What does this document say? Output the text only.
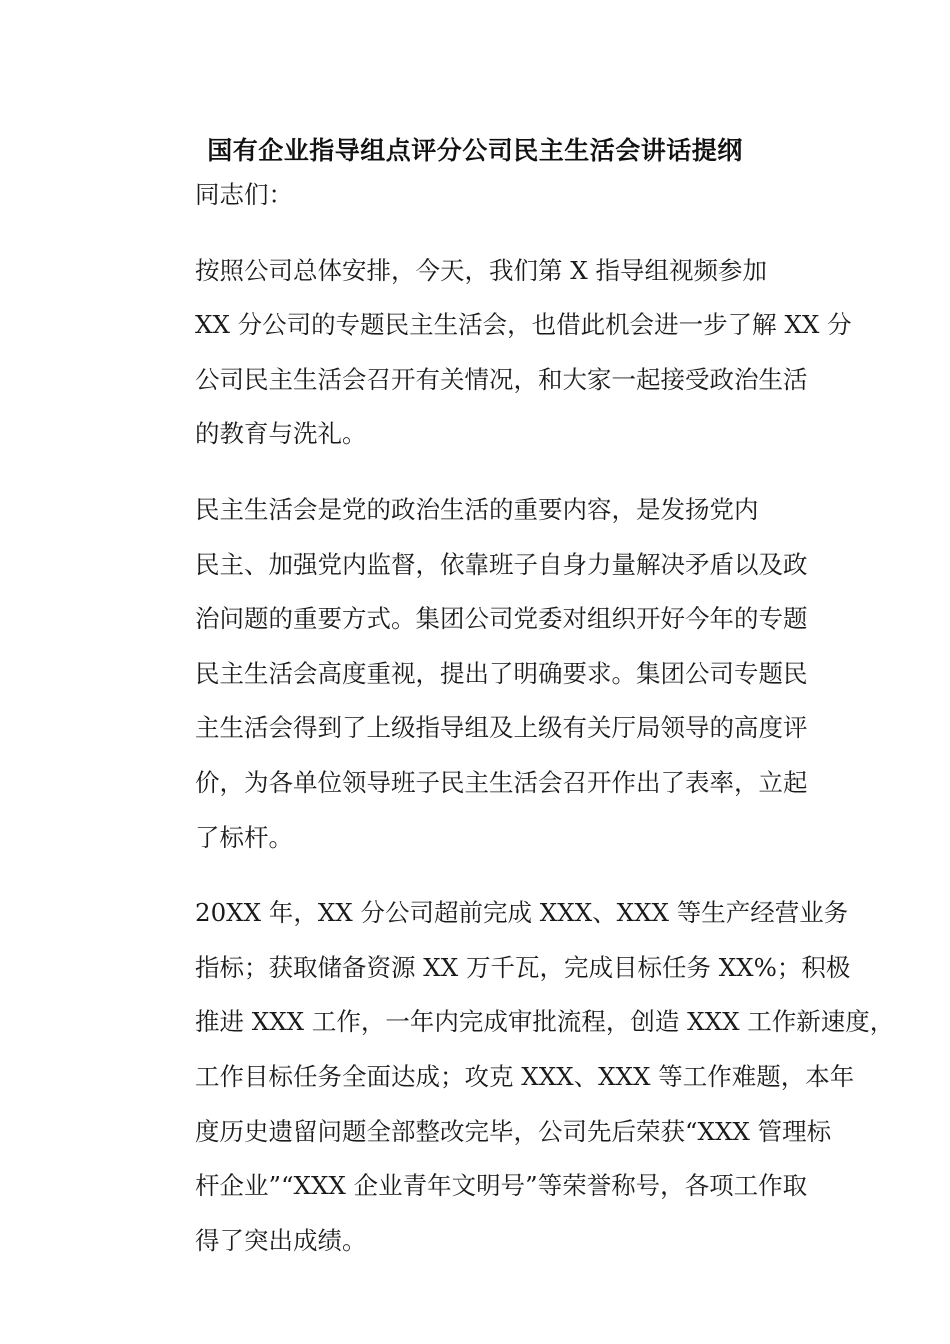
国有企业指导组点评分公司民主生活会讲话提纲

同志们：

按照公司总体安排，今天，我们第 X 指导组视频参加
XX 分公司的专题民主生活会，也借此机会进一步了解 XX 分
公司民主生活会召开有关情况，和大家一起接受政治生活
的教育与洗礼。

民主生活会是党的政治生活的重要内容，是发扬党内
民主、加强党内监督，依靠班子自身力量解决矛盾以及政
治问题的重要方式。集团公司党委对组织开好今年的专题
民主生活会高度重视，提出了明确要求。集团公司专题民
主生活会得到了上级指导组及上级有关厅局领导的高度评
价，为各单位领导班子民主生活会召开作出了表率，立起
了标杆。

20XX 年，XX 分公司超前完成 XXX、XXX 等生产经营业务
指标；获取储备资源 XX 万千瓦，完成目标任务 XX%；积极
推进 XXX 工作，一年内完成审批流程，创造 XXX 工作新速度，
工作目标任务全面达成；攻克 XXX、XXX 等工作难题，本年
度历史遗留问题全部整改完毕，公司先后荣获“XXX 管理标
杆企业”“XXX 企业青年文明号”等荣誉称号，各项工作取
得了突出成绩。
